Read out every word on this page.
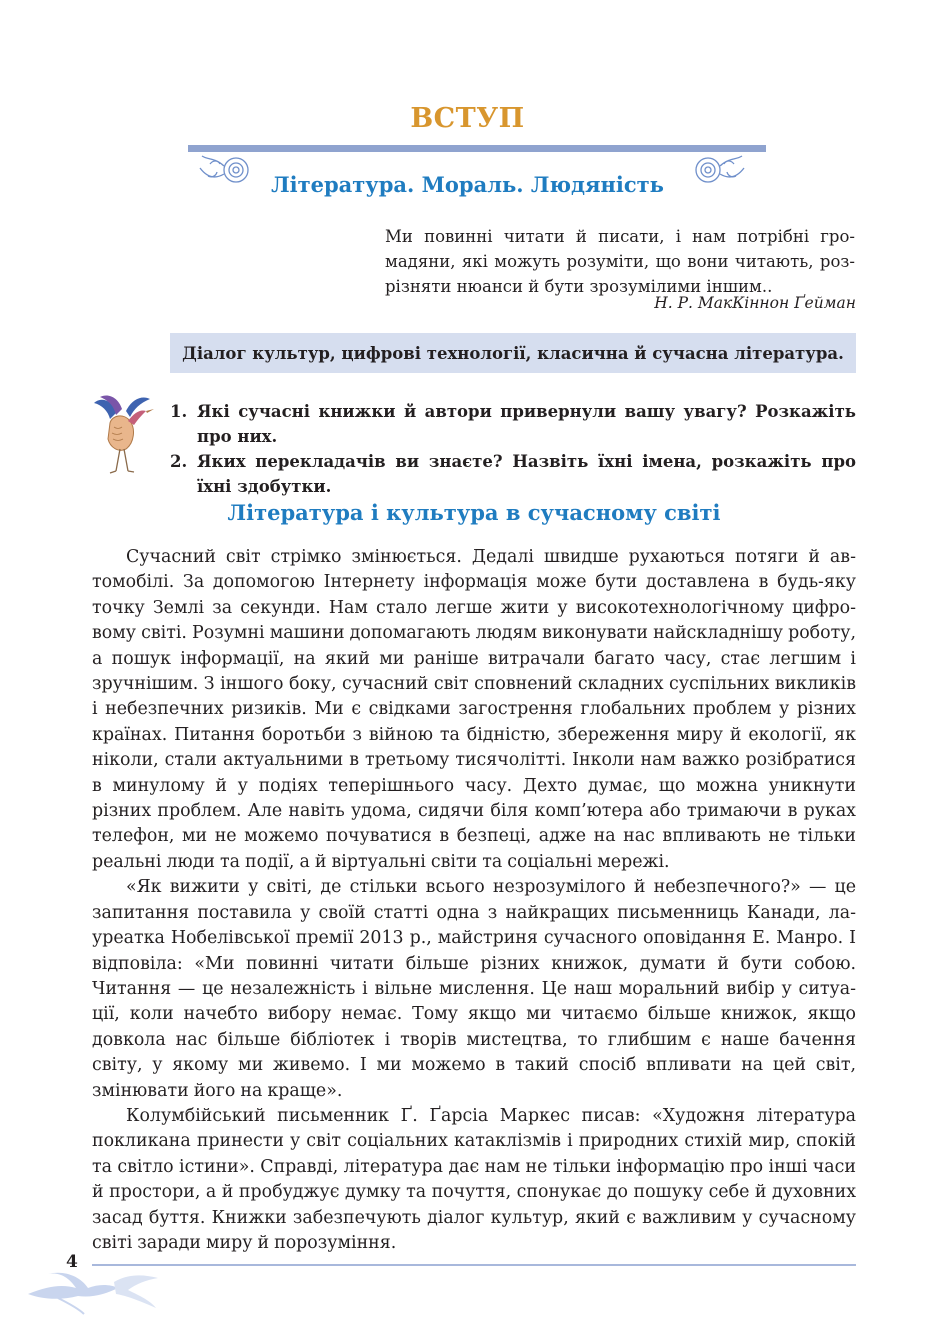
ВСТУП
Література. Мораль. Людяність
Ми повинні читати й писати, і нам потрібні громадяни, які можуть розуміти, що вони читають, розрізняти нюанси й бути зрозумілими іншим..
Н. Р. МакКіннон Ґейман
Діалог культур, цифрові технології, класична й сучасна література.
1. Які сучасні книжки й автори привернули вашу увагу? Розкажіть про них.
2. Яких перекладачів ви знаєте? Назвіть їхні імена, розкажіть про їхні здобутки.
Література і культура в сучасному світі

Сучасний світ стрімко змінюється. Дедалі швидше рухаються потяги й автомобілі. За допомогою Інтернету інформація може бути доставлена в будь-яку точку Землі за секунди. Нам стало легше жити у високотехнологічному цифровому світі. Розумні машини допомагають людям виконувати найскладнішу роботу, а пошук інформації, на який ми раніше витрачали багато часу, стає легшим і зручнішим. З іншого боку, сучасний світ сповнений складних суспільних викликів і небезпечних ризиків. Ми є свідками загострення глобальних проблем у різних країнах. Питання боротьби з війною та бідністю, збереження миру й екології, як ніколи, стали актуальними в третьому тисячолітті. Інколи нам важко розібратися в минулому й у подіях теперішнього часу. Дехто думає, що можна уникнути різних проблем. Але навіть удома, сидячи біля комп’ютера або тримаючи в руках телефон, ми не можемо почуватися в безпеці, адже на нас впливають не тільки реальні люди та події, а й віртуальні світи та соціальні мережі.

«Як вижити у світі, де стільки всього незрозумілого й небезпечного?» — це запитання поставила у своїй статті одна з найкращих письменниць Канади, лауреатка Нобелівської премії 2013 р., майстриня сучасного оповідання Е. Манро. І відповіла: «Ми повинні читати більше різних книжок, думати й бути собою. Читання — це незалежність і вільне мислення. Це наш моральний вибір у ситуації, коли начебто вибору немає. Тому якщо ми читаємо більше книжок, якщо довкола нас більше бібліотек і творів мистецтва, то глибшим є наше бачення світу, у якому ми живемо. І ми можемо в такий спосіб впливати на цей світ, змінювати його на краще».

Колумбійський письменник Ґ. Ґарсіа Маркес писав: «Художня література покликана принести у світ соціальних катаклізмів і природних стихій мир, спокій та світло істини». Справді, література дає нам не тільки інформацію про інші часи й простори, а й пробуджує думку та почуття, спонукає до пошуку себе й духовних засад буття. Книжки забезпечують діалог культур, який є важливим у сучасному світі заради миру й порозуміння.

4
